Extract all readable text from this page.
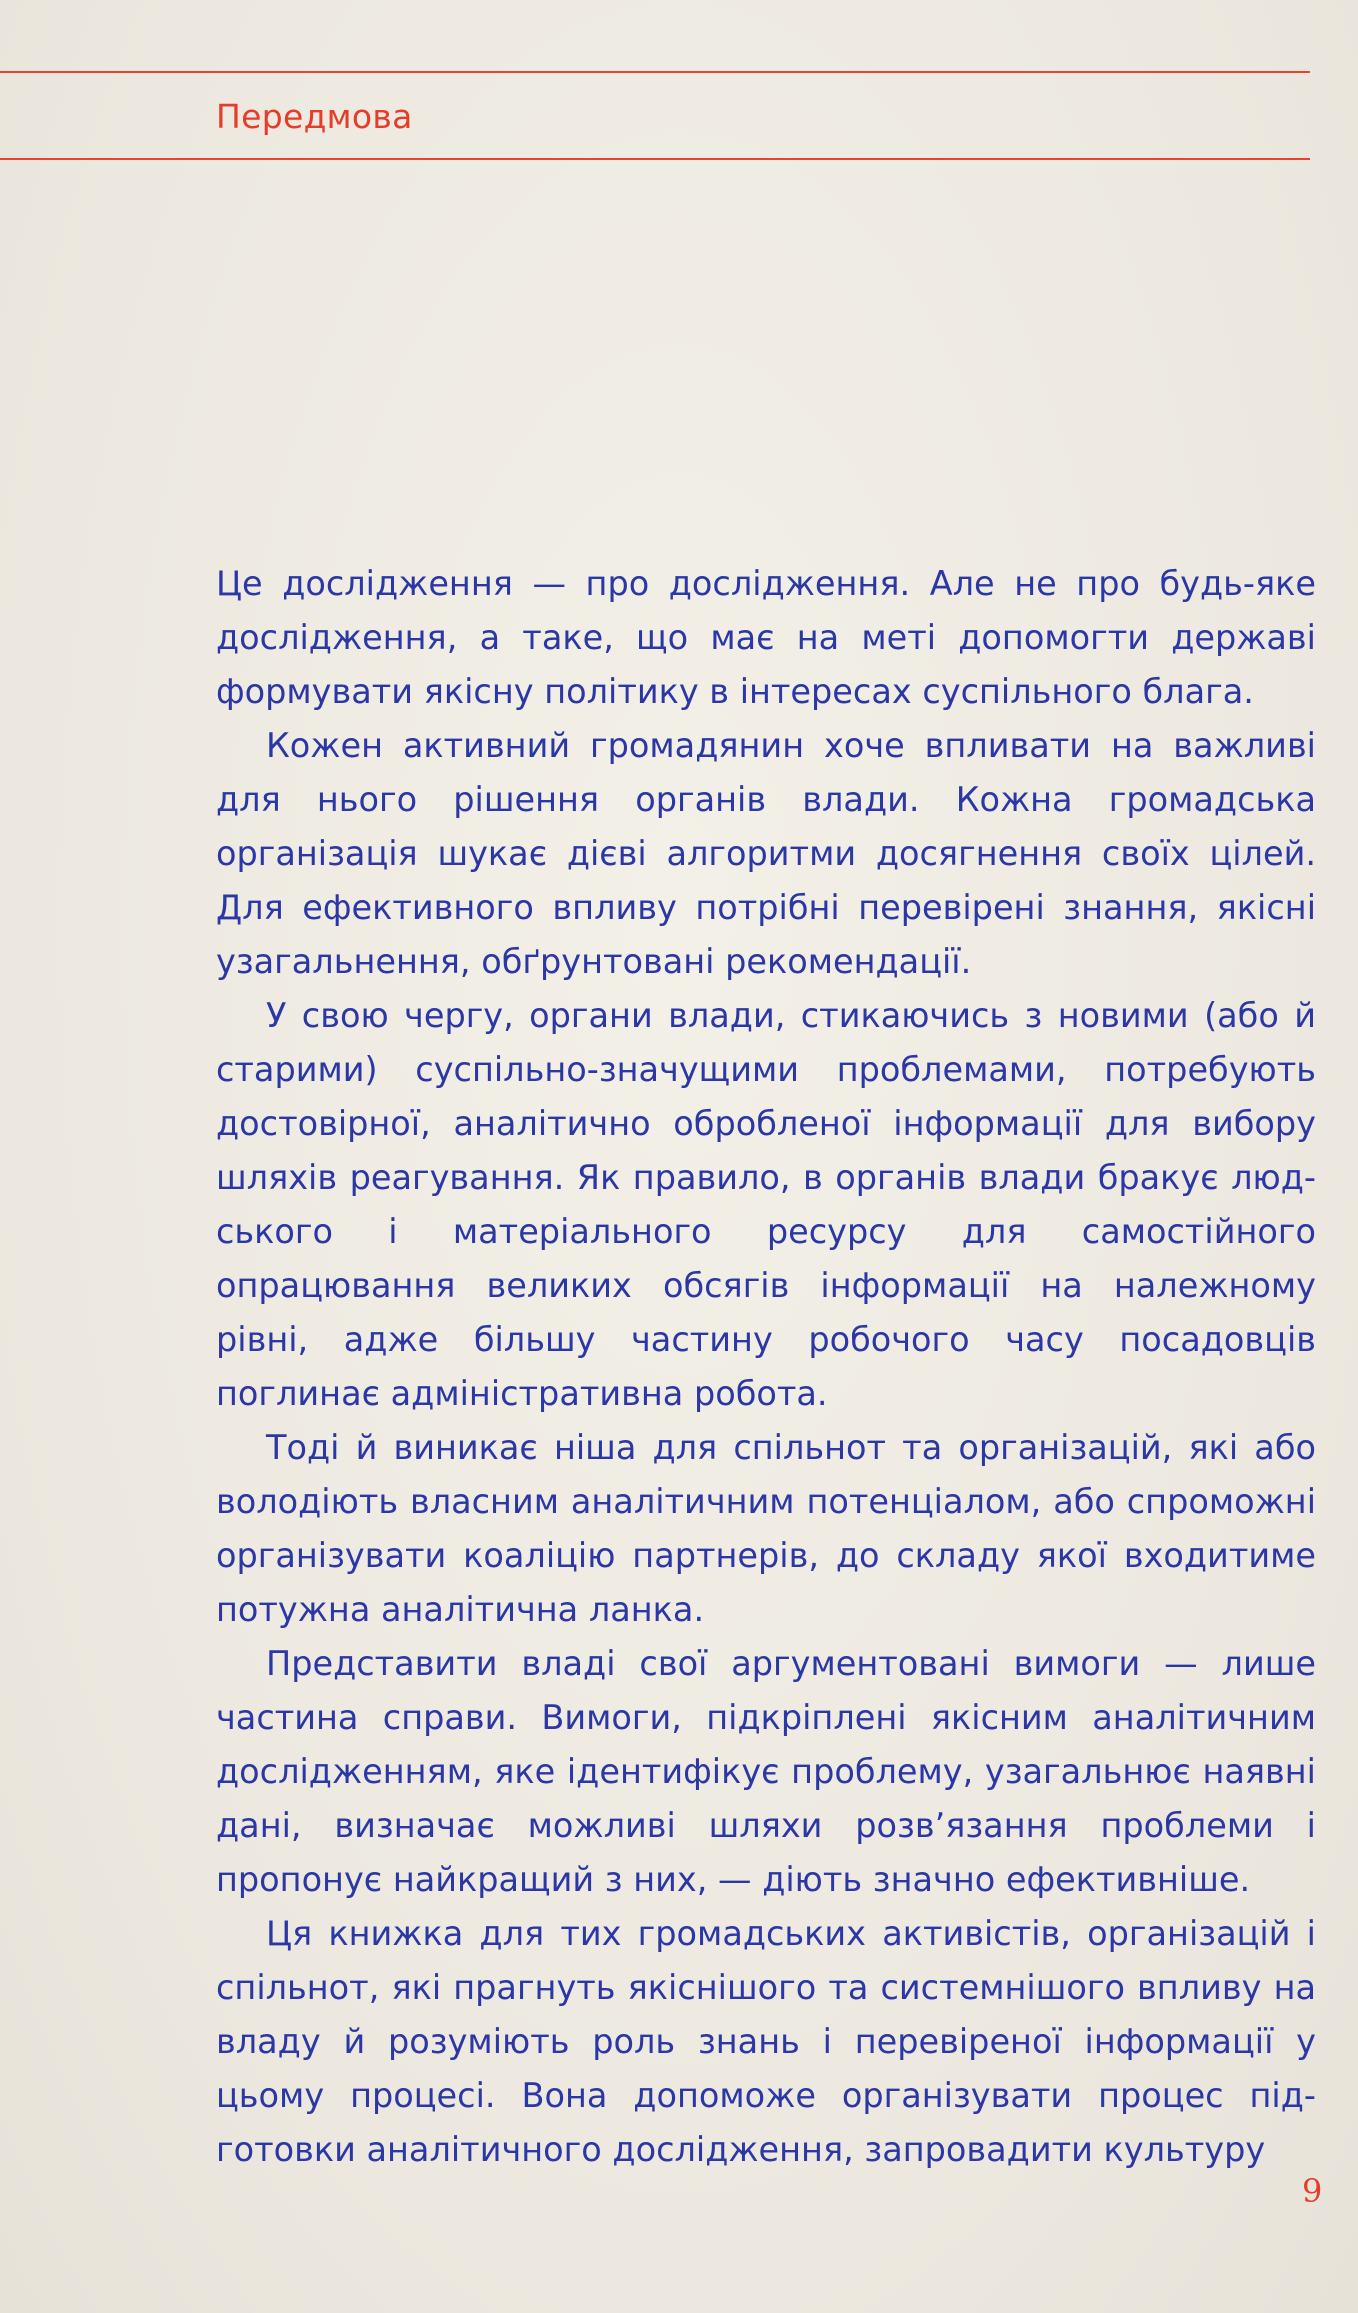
Передмова

Це дослідження — про дослідження. Але не про будь-яке дослідження, а таке, що має на меті допомогти державі формувати якісну політику в інтересах суспільного блага.

Кожен активний громадянин хоче впливати на важливі для нього рішення органів влади. Кожна громадська організація шукає дієві алгоритми досягнення своїх цілей. Для ефективного впливу потрібні перевірені знання, якісні узагальнення, обґрунтовані рекомендації.

У свою чергу, органи влади, стикаючись з новими (або й старими) суспільно-значущими проблемами, потребують достовірної, аналітично обробленої інформації для вибору шляхів реагування. Як правило, в органів влади бракує людського і матеріального ресурсу для самостійного опрацювання великих обсягів інформації на належному рівні, адже більшу частину робочого часу посадовців поглинає адміністративна робота.

Тоді й виникає ніша для спільнот та організацій, які або володіють власним аналітичним потенціалом, або спроможні організувати коаліцію партнерів, до складу якої входитиме потужна аналітична ланка.

Представити владі свої аргументовані вимоги — лише частина справи. Вимоги, підкріплені якісним аналітичним дослідженням, яке ідентифікує проблему, узагальнює наявні дані, визначає можливі шляхи розв’язання проблеми і пропонує найкращий з них, — діють значно ефективніше.

Ця книжка для тих громадських активістів, організацій і спільнот, які прагнуть якіснішого та системнішого впливу на владу й розуміють роль знань і перевіреної інформації у цьому процесі. Вона допоможе організувати процес підготовки аналітичного дослідження, запровадити культуру

9
